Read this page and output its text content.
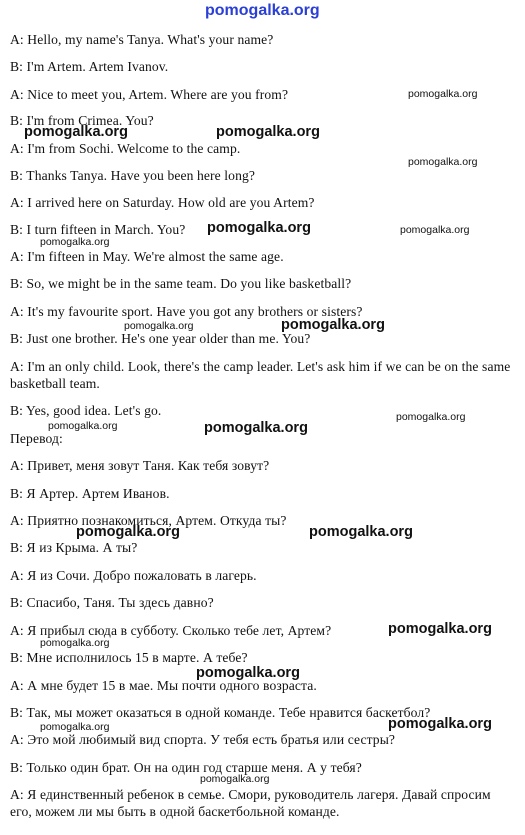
pomogalka.org
pomogalka.org
pomogalka.org	pomogalka.org
pomogalka.org
pomogalka.org	pomogalka.org
pomogalka.org
pomogalka.org	pomogalka.org
pomogalka.org
pomogalka.org	pomogalka.org
pomogalka.org	pomogalka.org
pomogalka.org
pomogalka.org
pomogalka.org
pomogalka.org
pomogalka.org
pomogalka.org
A: Hello, my name's Tanya. What's your name?
B: I'm Artem. Artem Ivanov.
A: Nice to meet you, Artem. Where are you from?
B: I'm from Crimea. You?
A: I'm from Sochi. Welcome to the camp.
B: Thanks Tanya. Have you been here long?
A: I arrived here on Saturday. How old are you Artem?
B: I turn fifteen in March. You?
A: I'm fifteen in May. We're almost the same age.
B: So, we might be in the same team. Do you like basketball?
A: It's my favourite sport. Have you got any brothers or sisters?
B: Just one brother. He's one year older than me. You?
A: I'm an only child. Look, there's the camp leader. Let's ask him if we can be on the same basketball team.
B: Yes, good idea. Let's go.
Перевод:
А: Привет, меня зовут Таня. Как тебя зовут?
В: Я Артер. Артем Иванов.
А: Приятно познакомиться, Артем. Откуда ты?
В: Я из Крыма. А ты?
А: Я из Сочи. Добро пожаловать в лагерь.
В: Спасибо, Таня. Ты здесь давно?
А: Я прибыл сюда в субботу. Сколько тебе лет, Артем?
В: Мне исполнилось 15 в марте. А тебе?
А: А мне будет 15 в мае. Мы почти одного возраста.
В: Так, мы может оказаться в одной команде. Тебе нравится баскетбол?
А: Это мой любимый вид спорта. У тебя есть братья или сестры?
В: Только один брат. Он на один год старше меня. А у тебя?
А: Я единственный ребенок в семье. Смори, руководитель лагеря. Давай спросим его, можем ли мы быть в одной баскетбольной команде.
